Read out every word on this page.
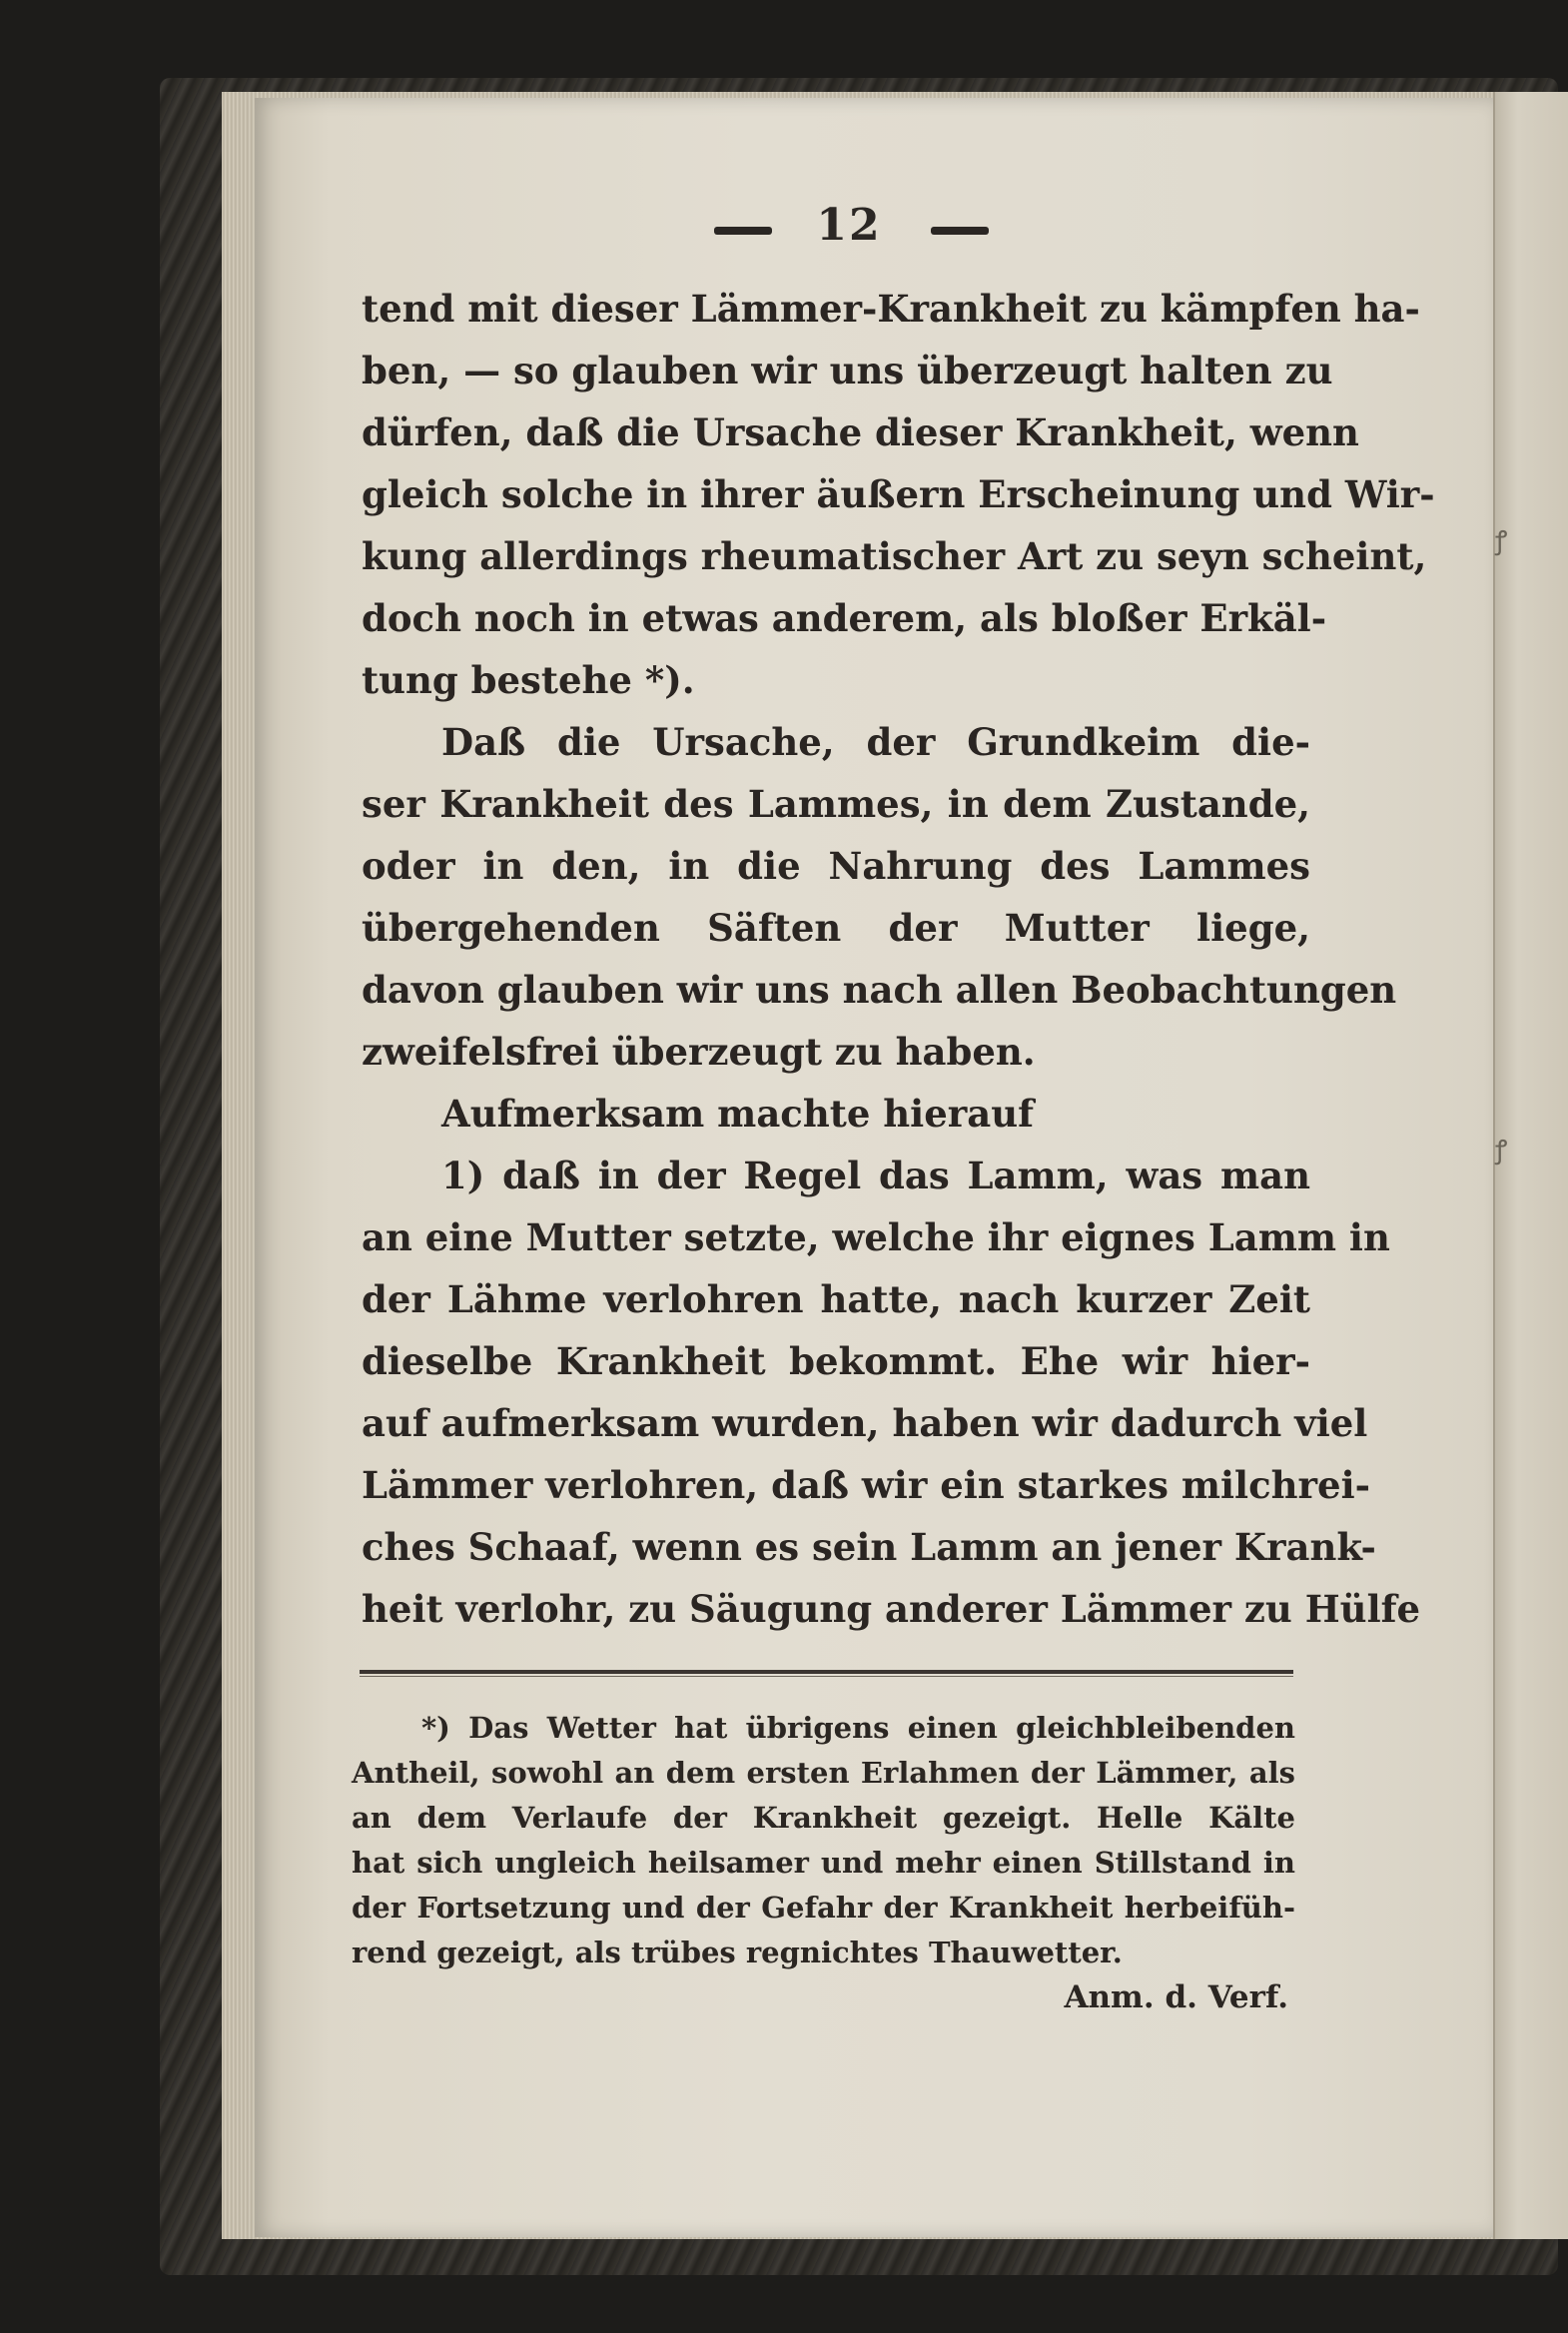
ꝭ
ꝭ
12
tend mit dieser Lämmer-Krankheit zu kämpfen ha-
ben, — so glauben wir uns überzeugt halten zu
dürfen, daß die Ursache dieser Krankheit, wenn
gleich solche in ihrer äußern Erscheinung und Wir-
kung allerdings rheumatischer Art zu seyn scheint,
doch noch in etwas anderem, als bloßer Erkäl-
tung bestehe *).
Daß die Ursache, der Grundkeim die-
ser Krankheit des Lammes, in dem Zustande,
oder in den, in die Nahrung des Lammes
übergehenden Säften der Mutter liege,
davon glauben wir uns nach allen Beobachtungen
zweifelsfrei überzeugt zu haben.
Aufmerksam machte hierauf
1) daß in der Regel das Lamm, was man
an eine Mutter setzte, welche ihr eignes Lamm in
der Lähme verlohren hatte, nach kurzer Zeit
dieselbe Krankheit bekommt. Ehe wir hier-
auf aufmerksam wurden, haben wir dadurch viel
Lämmer verlohren, daß wir ein starkes milchrei-
ches Schaaf, wenn es sein Lamm an jener Krank-
heit verlohr, zu Säugung anderer Lämmer zu Hülfe
*) Das Wetter hat übrigens einen gleichbleibenden
Antheil, sowohl an dem ersten Erlahmen der Lämmer, als
an dem Verlaufe der Krankheit gezeigt. Helle Kälte
hat sich ungleich heilsamer und mehr einen Stillstand in
der Fortsetzung und der Gefahr der Krankheit herbeifüh-
rend gezeigt, als trübes regnichtes Thauwetter.
Anm. d. Verf.
